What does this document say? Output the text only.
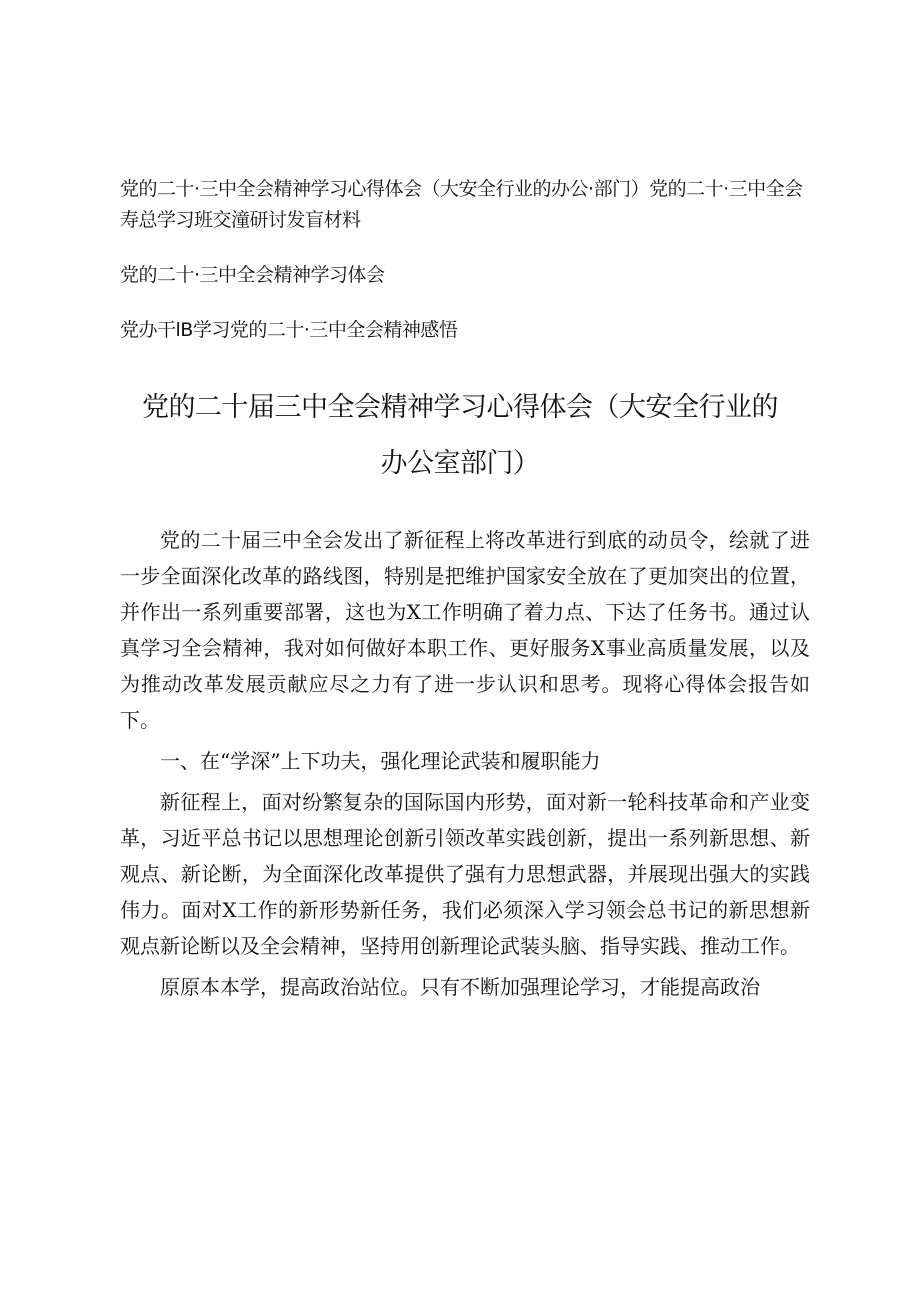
党的二十·三中全会精神学习心得体会（大安全行业的办公·部门）党的二十·三中全会寿总学习班交潼研讨发盲材料
党的二十·三中全会精神学习体会
党办干lB学习党的二十·三中全会精神感悟
党的二十届三中全会精神学习心得体会（大安全行业的
办公室部门）

党的二十届三中全会发出了新征程上将改革进行到底的动员令，绘就了进一步全面深化改革的路线图，特别是把维护国家安全放在了更加突出的位置，并作出一系列重要部署，这也为X工作明确了着力点、下达了任务书。通过认真学习全会精神，我对如何做好本职工作、更好服务X事业高质量发展，以及为推动改革发展贡献应尽之力有了进一步认识和思考。现将心得体会报告如下。

一、在“学深”上下功夫，强化理论武装和履职能力

新征程上，面对纷繁复杂的国际国内形势，面对新一轮科技革命和产业变革，习近平总书记以思想理论创新引领改革实践创新，提出一系列新思想、新观点、新论断，为全面深化改革提供了强有力思想武器，并展现出强大的实践伟力。面对X工作的新形势新任务，我们必须深入学习领会总书记的新思想新观点新论断以及全会精神，坚持用创新理论武装头脑、指导实践、推动工作。

原原本本学，提高政治站位。只有不断加强理论学习，才能提高政治
